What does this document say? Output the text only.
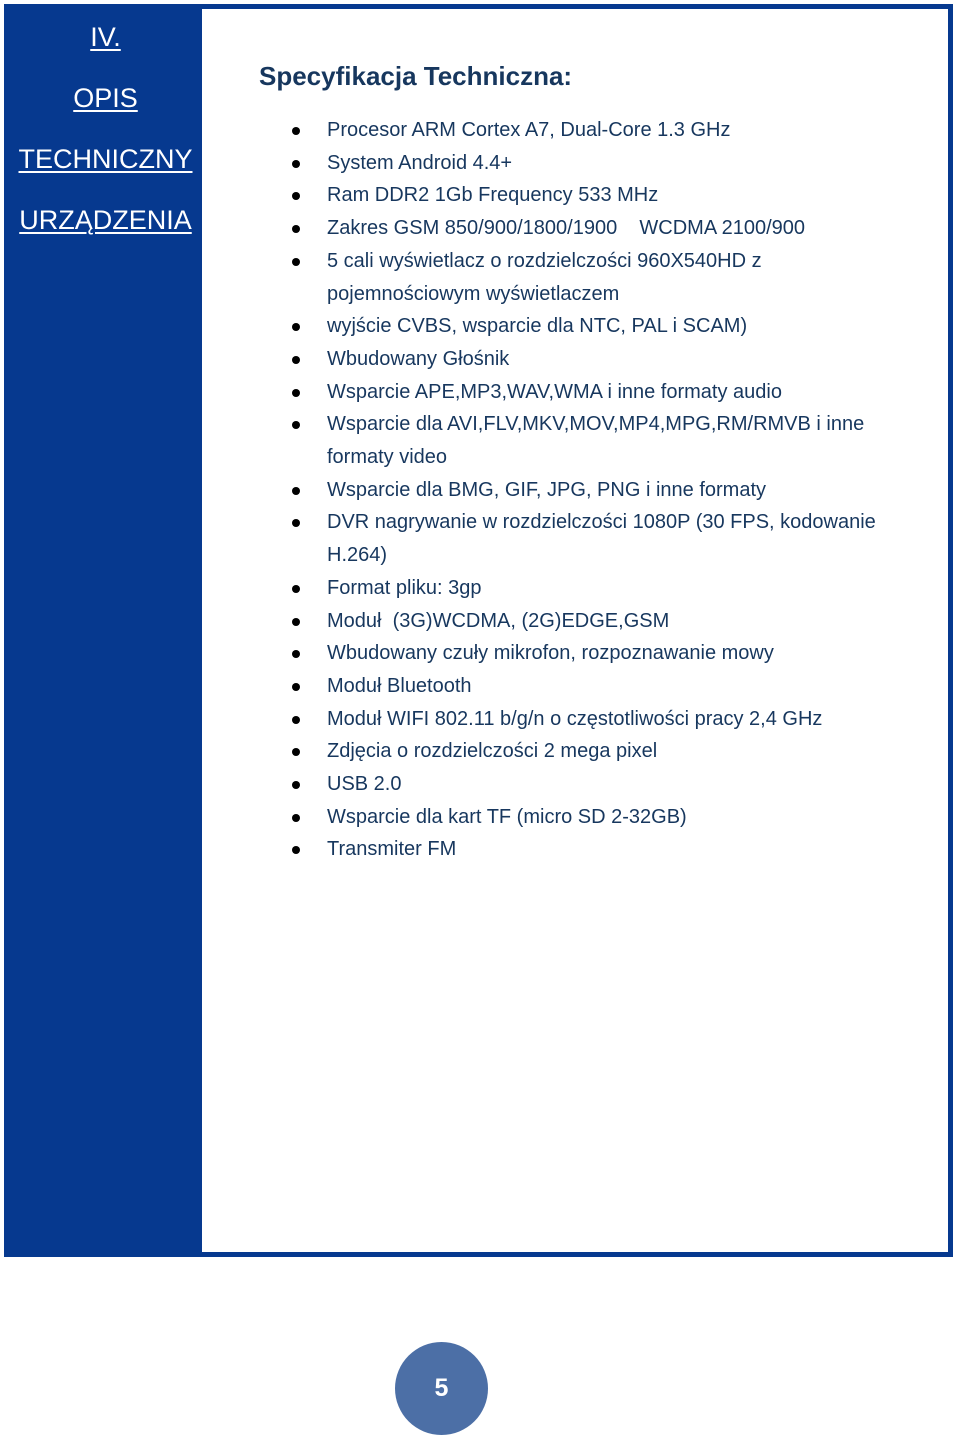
IV.
OPIS
TECHNICZNY
URZĄDZENIA
Specyfikacja Techniczna:
Procesor ARM Cortex A7, Dual-Core 1.3 GHz
System Android 4.4+
Ram DDR2 1Gb Frequency 533 MHz
Zakres GSM 850/900/1800/1900    WCDMA 2100/900
5 cali wyświetlacz o rozdzielczości 960X540HD z pojemnościowym wyświetlaczem
wyjście CVBS, wsparcie dla NTC, PAL i SCAM)
Wbudowany Głośnik
Wsparcie APE,MP3,WAV,WMA i inne formaty audio
Wsparcie dla AVI,FLV,MKV,MOV,MP4,MPG,RM/RMVB i inne formaty video
Wsparcie dla BMG, GIF, JPG, PNG i inne formaty
DVR nagrywanie w rozdzielczości 1080P (30 FPS, kodowanie H.264)
Format pliku: 3gp
Moduł  (3G)WCDMA, (2G)EDGE,GSM
Wbudowany czuły mikrofon, rozpoznawanie mowy
Moduł Bluetooth
Moduł WIFI 802.11 b/g/n o częstotliwości pracy 2,4 GHz
Zdjęcia o rozdzielczości 2 mega pixel
USB 2.0
Wsparcie dla kart TF (micro SD 2-32GB)
Transmiter FM
5
